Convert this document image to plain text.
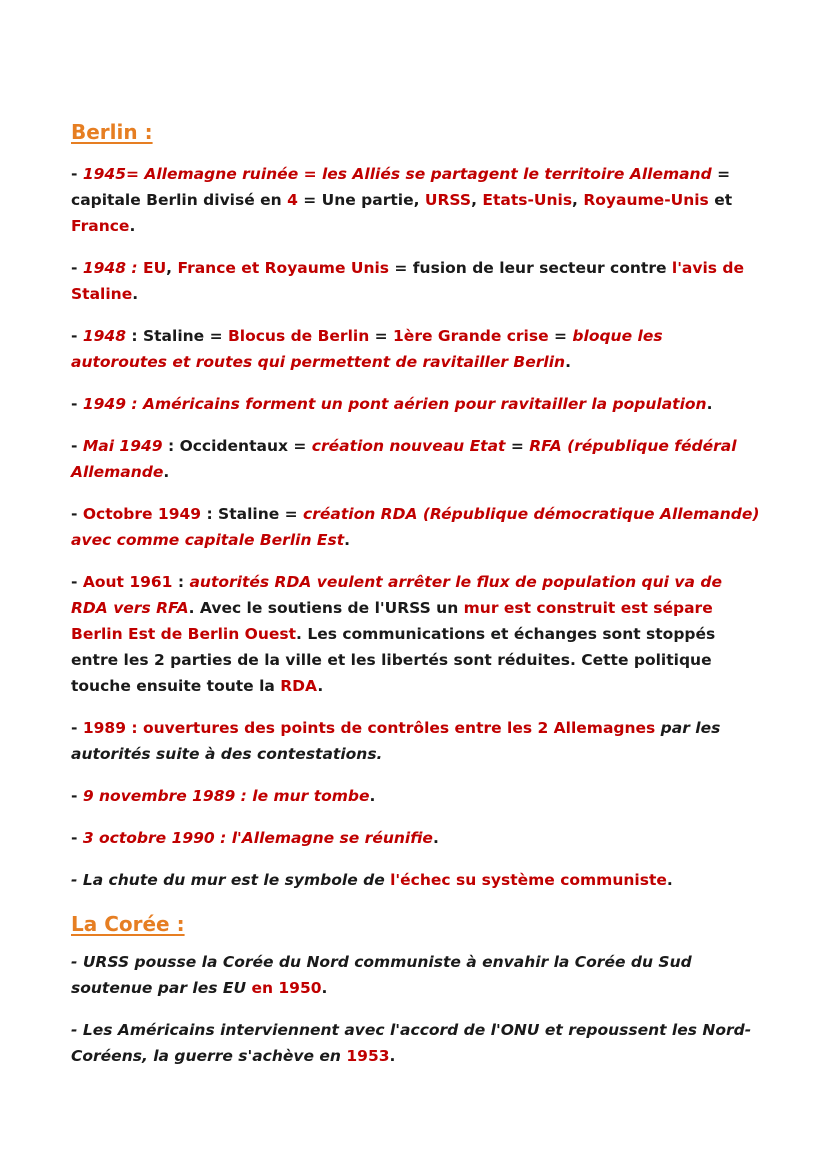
Berlin :

- 1945= Allemagne ruinée = les Alliés se partagent le territoire Allemand = capitale Berlin divisé en 4 = Une partie, URSS, Etats-Unis, Royaume-Unis et France.

- 1948 : EU, France et Royaume Unis = fusion de leur secteur contre l'avis de Staline.

- 1948 : Staline = Blocus de Berlin = 1ère Grande crise = bloque les autoroutes et routes qui permettent de ravitailler Berlin.

- 1949 : Américains forment un pont aérien pour ravitailler la population.

- Mai 1949 : Occidentaux = création nouveau Etat = RFA (république fédéral Allemande.

- Octobre 1949 : Staline = création RDA (République démocratique Allemande) avec comme capitale Berlin Est.

- Aout 1961 : autorités RDA veulent arrêter le flux de population qui va de RDA vers RFA. Avec le soutiens de l'URSS un mur est construit est sépare Berlin Est de Berlin Ouest. Les communications et échanges sont stoppés entre les 2 parties de la ville et les libertés sont réduites. Cette politique touche ensuite toute la RDA.

- 1989 : ouvertures des points de contrôles entre les 2 Allemagnes par les autorités suite à des contestations.

- 9 novembre 1989 : le mur tombe.

- 3 octobre 1990 : l'Allemagne se réunifie.

- La chute du mur est le symbole de l'échec su système communiste.

La Corée :

- URSS pousse la Corée du Nord communiste à envahir la Corée du Sud soutenue par les EU en 1950.

- Les Américains interviennent avec l'accord de l'ONU et repoussent les Nord-Coréens, la guerre s'achève en 1953.
